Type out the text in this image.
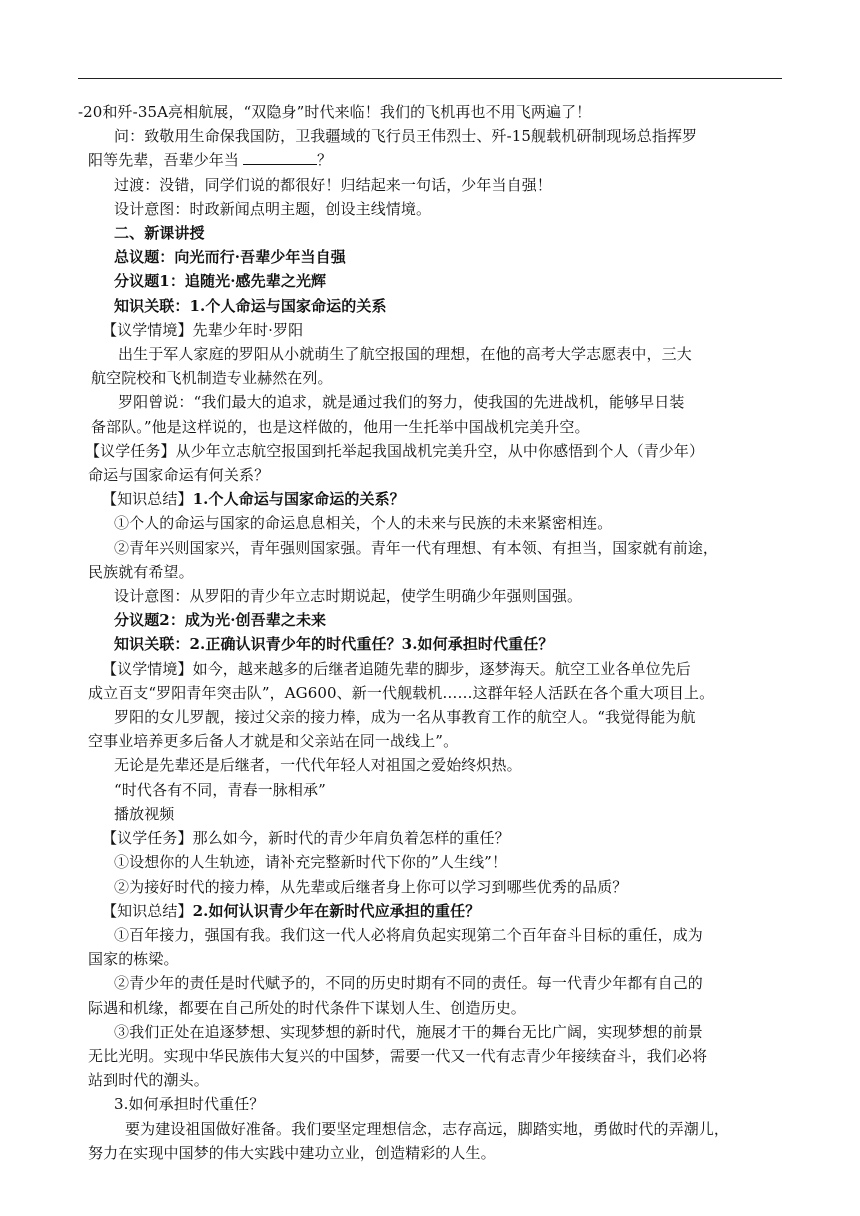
-20和歼-35A亮相航展，“双隐身”时代来临！我们的飞机再也不用飞两遍了！

问：致敬用生命保我国防，卫我疆域的飞行员王伟烈士、歼-15舰载机研制现场总指挥罗

阳等先辈，吾辈少年当	？

过渡：没错，同学们说的都很好！归结起来一句话，少年当自强！

设计意图：时政新闻点明主题，创设主线情境。

二、新课讲授

总议题：向光而行·吾辈少年当自强

分议题1：追随光·感先辈之光辉

知识关联：1.个人命运与国家命运的关系

【议学情境】先辈少年时·罗阳

出生于军人家庭的罗阳从小就萌生了航空报国的理想，在他的高考大学志愿表中，三大

航空院校和飞机制造专业赫然在列。

罗阳曾说：“我们最大的追求，就是通过我们的努力，使我国的先进战机，能够早日装

备部队。”他是这样说的，也是这样做的，他用一生托举中国战机完美升空。

【议学任务】从少年立志航空报国到托举起我国战机完美升空，从中你感悟到个人（青少年）

命运与国家命运有何关系？

【知识总结】1.个人命运与国家命运的关系？

①个人的命运与国家的命运息息相关，个人的未来与民族的未来紧密相连。

②青年兴则国家兴，青年强则国家强。青年一代有理想、有本领、有担当，国家就有前途，

民族就有希望。

设计意图：从罗阳的青少年立志时期说起，使学生明确少年强则国强。

分议题2：成为光·创吾辈之未来

知识关联：2.正确认识青少年的时代重任？3.如何承担时代重任？

【议学情境】如今，越来越多的后继者追随先辈的脚步，逐梦海天。航空工业各单位先后

成立百支“罗阳青年突击队”，AG600、新一代舰载机……这群年轻人活跃在各个重大项目上。

罗阳的女儿罗靓，接过父亲的接力棒，成为一名从事教育工作的航空人。“我觉得能为航

空事业培养更多后备人才就是和父亲站在同一战线上”。

无论是先辈还是后继者，一代代年轻人对祖国之爱始终炽热。

“时代各有不同，青春一脉相承”

播放视频

【议学任务】那么如今，新时代的青少年肩负着怎样的重任？

①设想你的人生轨迹，请补充完整新时代下你的”人生线”！

②为接好时代的接力棒，从先辈或后继者身上你可以学习到哪些优秀的品质？

【知识总结】2.如何认识青少年在新时代应承担的重任？

①百年接力，强国有我。我们这一代人必将肩负起实现第二个百年奋斗目标的重任，成为

国家的栋梁。

②青少年的责任是时代赋予的，不同的历史时期有不同的责任。每一代青少年都有自己的

际遇和机缘，都要在自己所处的时代条件下谋划人生、创造历史。

③我们正处在追逐梦想、实现梦想的新时代，施展才干的舞台无比广阔，实现梦想的前景

无比光明。实现中华民族伟大复兴的中国梦，需要一代又一代有志青少年接续奋斗，我们必将

站到时代的潮头。

3.如何承担时代重任？

要为建设祖国做好准备。我们要坚定理想信念，志存高远，脚踏实地，勇做时代的弄潮儿，

努力在实现中国梦的伟大实践中建功立业，创造精彩的人生。
